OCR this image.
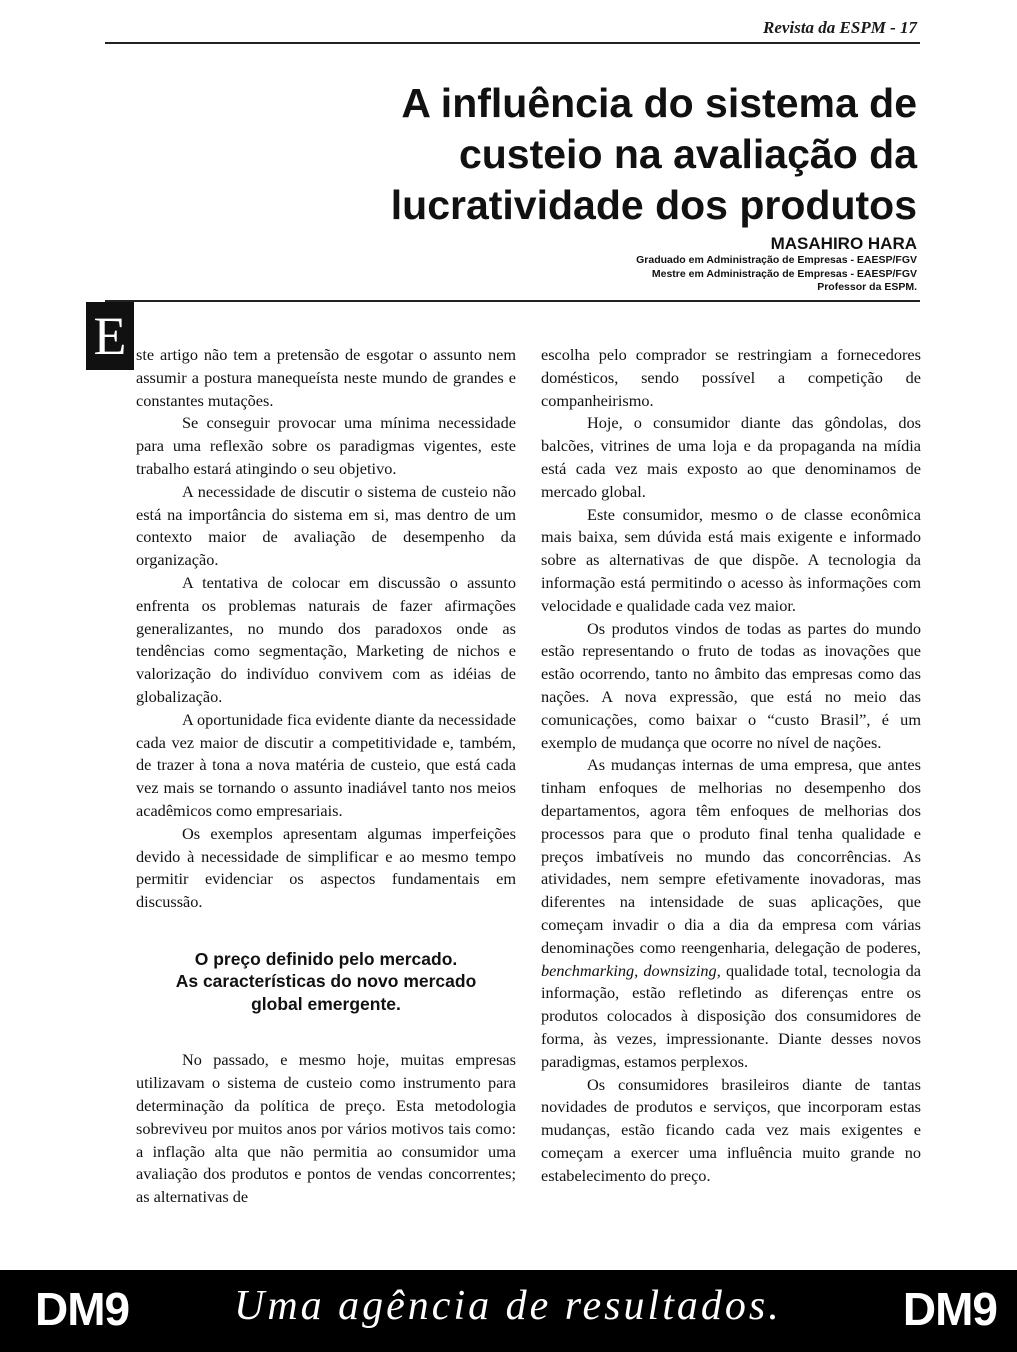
Revista da ESPM - 17
A influência do sistema de
custeio na avaliação da
lucratividade dos produtos
MASAHIRO HARA
Graduado em Administração de Empresas - EAESP/FGV
Mestre em Administração de Empresas - EAESP/FGV
Professor da ESPM.
E ste artigo não tem a pretensão de esgotar o assunto nem assumir a postura manequeísta neste mundo de grandes e constantes mutações.

Se conseguir provocar uma mínima necessidade para uma reflexão sobre os paradigmas vigentes, este trabalho estará atingindo o seu objetivo.

A necessidade de discutir o sistema de custeio não está na importância do sistema em si, mas dentro de um contexto maior de avaliação de desempenho da organização.

A tentativa de colocar em discussão o assunto enfrenta os problemas naturais de fazer afirmações generalizantes, no mundo dos paradoxos onde as tendências como segmentação, Marketing de nichos e valorização do indivíduo convivem com as idéias de globalização.

A oportunidade fica evidente diante da necessidade cada vez maior de discutir a competitividade e, também, de trazer à tona a nova matéria de custeio, que está cada vez mais se tornando o assunto inadiável tanto nos meios acadêmicos como empresariais.

Os exemplos apresentam algumas imperfeições devido à necessidade de simplificar e ao mesmo tempo permitir evidenciar os aspectos fundamentais em discussão.

O preço definido pelo mercado.
As características do novo mercado
global emergente.

No passado, e mesmo hoje, muitas empresas utilizavam o sistema de custeio como instrumento para determinação da política de preço. Esta metodologia sobreviveu por muitos anos por vários motivos tais como: a inflação alta que não permitia ao consumidor uma avaliação dos produtos e pontos de vendas concorrentes; as alternativas de

escolha pelo comprador se restringiam a fornecedores domésticos, sendo possível a competição de companheirismo.

Hoje, o consumidor diante das gôndolas, dos balcões, vitrines de uma loja e da propaganda na mídia está cada vez mais exposto ao que denominamos de mercado global.

Este consumidor, mesmo o de classe econômica mais baixa, sem dúvida está mais exigente e informado sobre as alternativas de que dispõe. A tecnologia da informação está permitindo o acesso às informações com velocidade e qualidade cada vez maior.

Os produtos vindos de todas as partes do mundo estão representando o fruto de todas as inovações que estão ocorrendo, tanto no âmbito das empresas como das nações. A nova expressão, que está no meio das comunicações, como baixar o “custo Brasil”, é um exemplo de mudança que ocorre no nível de nações.

As mudanças internas de uma empresa, que antes tinham enfoques de melhorias no desempenho dos departamentos, agora têm enfoques de melhorias dos processos para que o produto final tenha qualidade e preços imbatíveis no mundo das concorrências. As atividades, nem sempre efetivamente inovadoras, mas diferentes na intensidade de suas aplicações, que começam invadir o dia a dia da empresa com várias denominações como reengenharia, delegação de poderes, benchmarking, downsizing, qualidade total, tecnologia da informação, estão refletindo as diferenças entre os produtos colocados à disposição dos consumidores de forma, às vezes, impressionante. Diante desses novos paradigmas, estamos perplexos.

Os consumidores brasileiros diante de tantas novidades de produtos e serviços, que incorporam estas mudanças, estão ficando cada vez mais exigentes e começam a exercer uma influência muito grande no estabelecimento do preço.

DM9 Uma agência de resultados.	DM9
